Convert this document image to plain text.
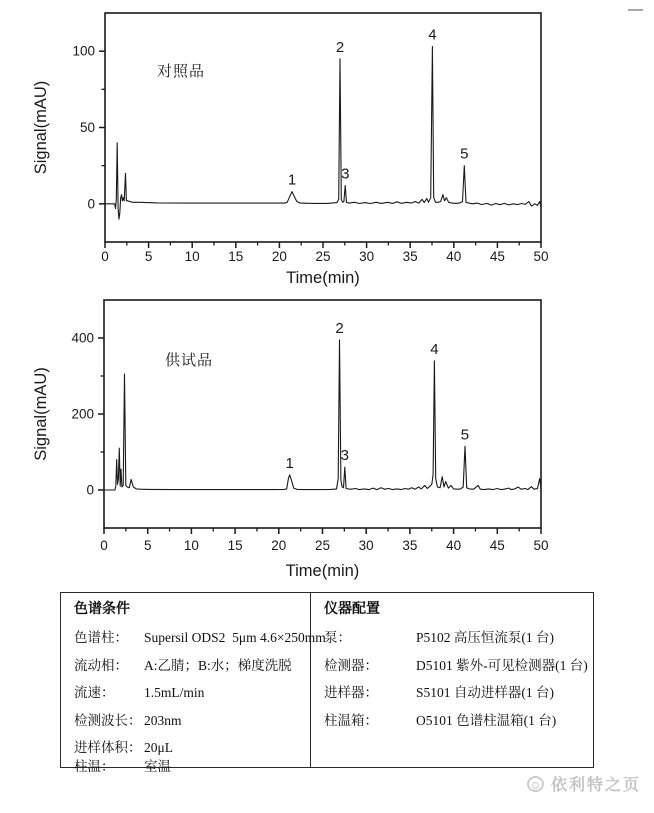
0	5 10 15 20 25 30 35 40 45 50
0
50
100
Time(min)
Signal(mAU)
对照品
1
2
3
4
5
0	5 10 15 20 25 30 35 40 45 50
0
200
400
Time(min)
Signal(mAU)
供试品
1
2
3
4
5
色谱条件
色谱柱：	Supersil ODS2  5μm 4.6×250mm
流动相：	A:乙腈；B:水；梯度洗脱
流速：	1.5mL/min
检测波长： 203nm
进样体积： 20μL
柱温：	室温
仪器配置
泵：	P5102 高压恒流泵(1 台)
检测器：	D5101 紫外-可见检测器(1 台)
进样器：	S5101 自动进样器(1 台)
柱温箱：	O5101 色谱柱温箱(1 台)
依利特之页
